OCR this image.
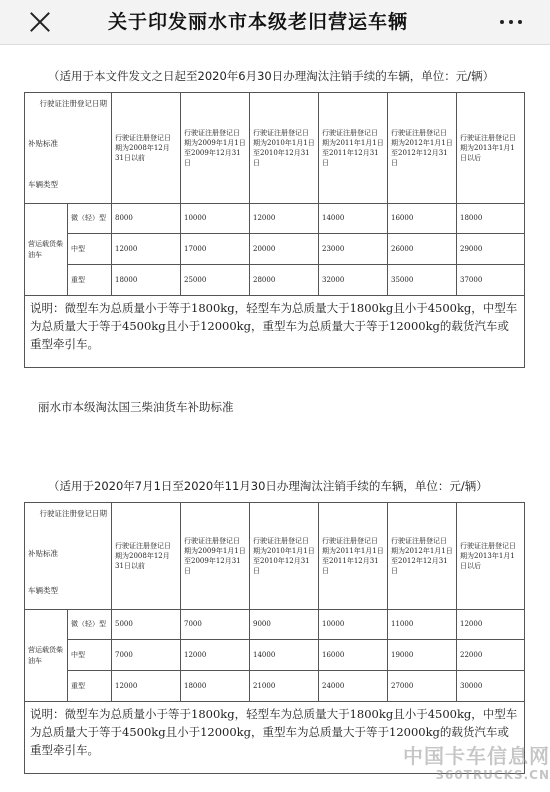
关于印发丽水市本级老旧营运车辆
（适用于本文件发文之日起至2020年6月30日办理淘汰注销手续的车辆，单位：元/辆）
行驶证注册登记日期
补贴标准
车辆类型		行驶证注册登记日期为2008年12月31日以前	行驶证注册登记日期为2009年1月1日至2009年12月31日	行驶证注册登记日期为2010年1月1日至2010年12月31日	行驶证注册登记日期为2011年1月1日至2011年12月31日	行驶证注册登记日期为2012年1月1日至2012年12月31日	行驶证注册登记日期为2013年1月1日以后
营运载货柴油车	微（轻）型	8000	10000	12000	14000	16000	18000
	中型	12000	17000	20000	23000	26000	29000
	重型	18000	25000	28000	32000	35000	37000
说明：微型车为总质量小于等于1800kg，轻型车为总质量大于1800kg且小于4500kg，中型车为总质量大于等于4500kg且小于12000kg，重型车为总质量大于等于12000kg的载货汽车或重型牵引车。							
丽水市本级淘汰国三柴油货车补助标准
（适用于2020年7月1日至2020年11月30日办理淘汰注销手续的车辆，单位：元/辆）
行驶证注册登记日期
补贴标准
车辆类型		行驶证注册登记日期为2008年12月31日以前	行驶证注册登记日期为2009年1月1日至2009年12月31日	行驶证注册登记日期为2010年1月1日至2010年12月31日	行驶证注册登记日期为2011年1月1日至2011年12月31日	行驶证注册登记日期为2012年1月1日至2012年12月31日	行驶证注册登记日期为2013年1月1日以后
营运载货柴油车	微（轻）型	5000	7000	9000	10000	11000	12000
	中型	7000	12000	14000	16000	19000	22000
	重型	12000	18000	21000	24000	27000	30000
说明：微型车为总质量小于等于1800kg，轻型车为总质量大于1800kg且小于4500kg，中型车为总质量大于等于4500kg且小于12000kg，重型车为总质量大于等于12000kg的载货汽车或重型牵引车。								中国卡车信息网
360TRUCKS.CN
